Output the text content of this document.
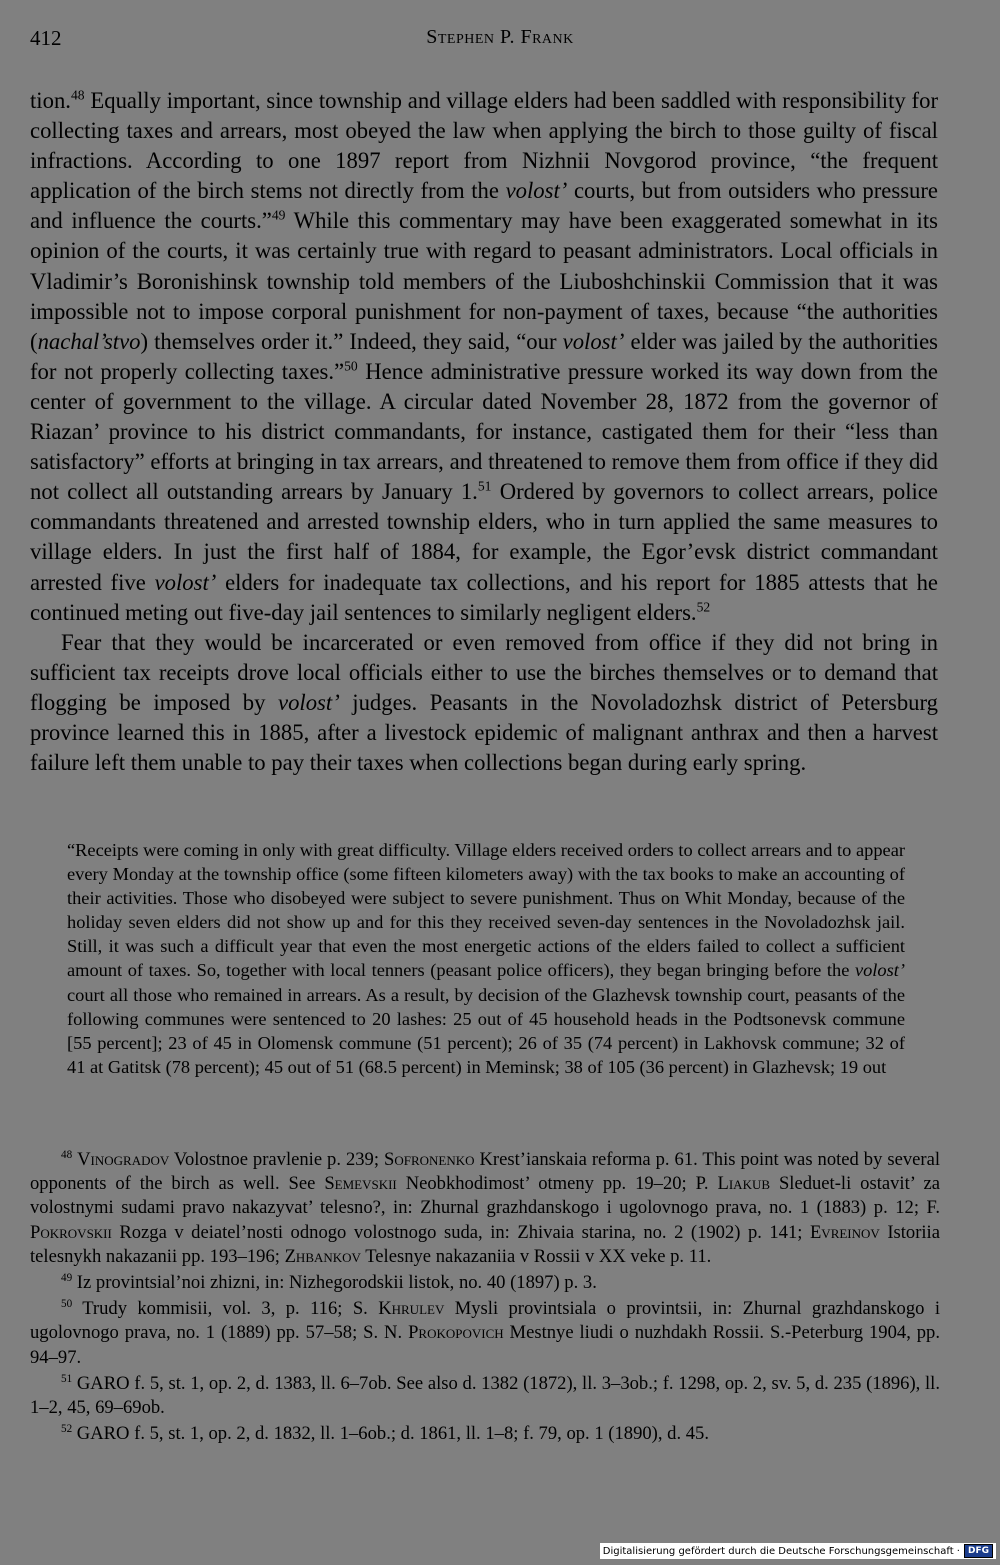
412	Stephen P. Frank

tion.$^{48}$ Equally important, since township and village elders had been saddled with responsibility for collecting taxes and arrears, most obeyed the law when applying the birch to those guilty of fiscal infractions. According to one 1897 report from Nizhnii Novgorod province, “the frequent application of the birch stems not directly from the volost’ courts, but from outsiders who pressure and influence the courts.”$^{49}$ While this commentary may have been exaggerated somewhat in its opinion of the courts, it was certainly true with regard to peasant administrators. Local officials in Vladimir’s Boronishinsk township told members of the Liuboshchinskii Commission that it was impossible not to impose corporal punishment for non-payment of taxes, because “the authorities (nachal’stvo) themselves order it.” Indeed, they said, “our volost’ elder was jailed by the authorities for not properly collecting taxes.”$^{50}$ Hence administrative pressure worked its way down from the center of government to the village. A circular dated November 28, 1872 from the governor of Riazan’ province to his district commandants, for instance, castigated them for their “less than satisfactory” efforts at bringing in tax arrears, and threatened to remove them from office if they did not collect all outstanding arrears by January 1.51 Ordered by governors to collect arrears, police commandants threatened and arrested township elders, who in turn applied the same measures to village elders. In just the first half of 1884, for example, the Egor’evsk district commandant arrested five volost’ elders for inadequate tax collections, and his report for 1885 attests that he continued meting out five-day jail sentences to similarly negligent elders.$^{52}$

Fear that they would be incarcerated or even removed from office if they did not bring in sufficient tax receipts drove local officials either to use the birches themselves or to demand that flogging be imposed by volost’ judges. Peasants in the Novoladozhsk district of Petersburg province learned this in 1885, after a livestock epidemic of malignant anthrax and then a harvest failure left them unable to pay their taxes when collections began during early spring.

“Receipts were coming in only with great difficulty. Village elders received orders to collect arrears and to appear every Monday at the township office (some fifteen kilometers away) with the tax books to make an accounting of their activities. Those who disobeyed were subject to severe punishment. Thus on Whit Monday, because of the holiday seven elders did not show up and for this they received seven-day sentences in the Novoladozhsk jail. Still, it was such a difficult year that even the most energetic actions of the elders failed to collect a sufficient amount of taxes. So, together with local tenners (peasant police officers), they began bringing before the volost’ court all those who remained in arrears. As a result, by decision of the Glazhevsk township court, peasants of the following communes were sentenced to 20 lashes: 25 out of 45 household heads in the Podtsonevsk commune [55 percent]; 23 of 45 in Olomensk commune (51 percent); 26 of 35 (74 percent) in Lakhovsk commune; 32 of 41 at Gatitsk (78 percent); 45 out of 51 (68.5 percent) in Meminsk; 38 of 105 (36 percent) in Glazhevsk; 19 out

$^{48}$ Vinogradov Volostnoe pravlenie p. 239; Sofronenko Krest’ianskaia reforma p. 61. This point was noted by several opponents of the birch as well. See Semevskii Neobkhodimost’ otmeny pp. 19–20; P. Liakub Sleduet-li ostavit’ za volostnymi sudami pravo nakazyvat’ telesno?, in: Zhurnal grazhdanskogo i ugolovnogo prava, no. 1 (1883) p. 12; F. Pokrovskii Rozga v deiatel’nosti odnogo volostnogo suda, in: Zhivaia starina, no. 2 (1902) p. 141; Evreinov Istoriia telesnykh nakazanii pp. 193–196; Zhbankov Telesnye nakazaniia v Rossii v XX veke p. 11.

$^{49}$ Iz provintsial’noi zhizni, in: Nizhegorodskii listok, no. 40 (1897) p. 3.

$^{50}$ Trudy kommisii, vol. 3, p. 116; S. Khrulev Mysli provintsiala o provintsii, in: Zhurnal grazhdanskogo i ugolovnogo prava, no. 1 (1889) pp. 57–58; S. N. Prokopovich Mestnye liudi o nuzhdakh Rossii. S.-Peterburg 1904, pp. 94–97.

$^{51}$ GARO f. 5, st. 1, op. 2, d. 1383, ll. 6–7ob. See also d. 1382 (1872), ll. 3–3ob.; f. 1298, op. 2, sv. 5, d. 235 (1896), ll. 1–2, 45, 69–69ob.

$^{52}$ GARO f. 5, st. 1, op. 2, d. 1832, ll. 1–6ob.; d. 1861, ll. 1–8; f. 79, op. 1 (1890), d. 45.

Digitalisierung gefördert durch die Deutsche Forschungsgemeinschaft · DFG
